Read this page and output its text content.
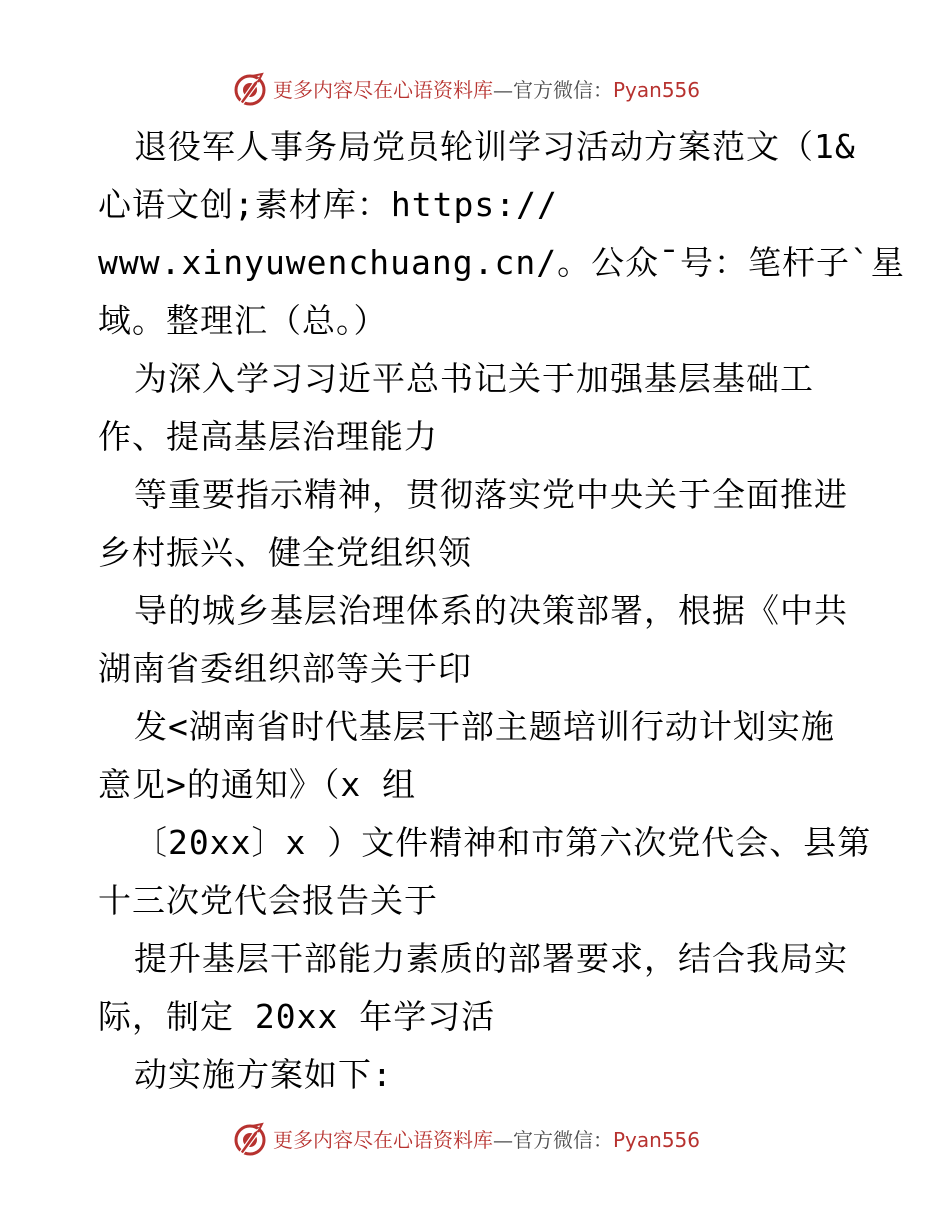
更多内容尽在心语资料库—官方微信：Pyan556
退役军人事务局党员轮训学习活动方案范文（1&
心语文创;素材库：https://
www.xinyuwenchuang.cn/。公众¯号：笔杆子`星
域。整理汇（总。）
为深入学习习近平总书记关于加强基层基础工
作、提高基层治理能力
等重要指示精神，贯彻落实党中央关于全面推进
乡村振兴、健全党组织领
导的城乡基层治理体系的决策部署，根据《中共
湖南省委组织部等关于印
发<湖南省时代基层干部主题培训行动计划实施
意见>的通知》（x 组
〔20xx〕x ）文件精神和市第六次党代会、县第
十三次党代会报告关于
提升基层干部能力素质的部署要求，结合我局实
际，制定 20xx 年学习活
动实施方案如下:
更多内容尽在心语资料库—官方微信：Pyan556
